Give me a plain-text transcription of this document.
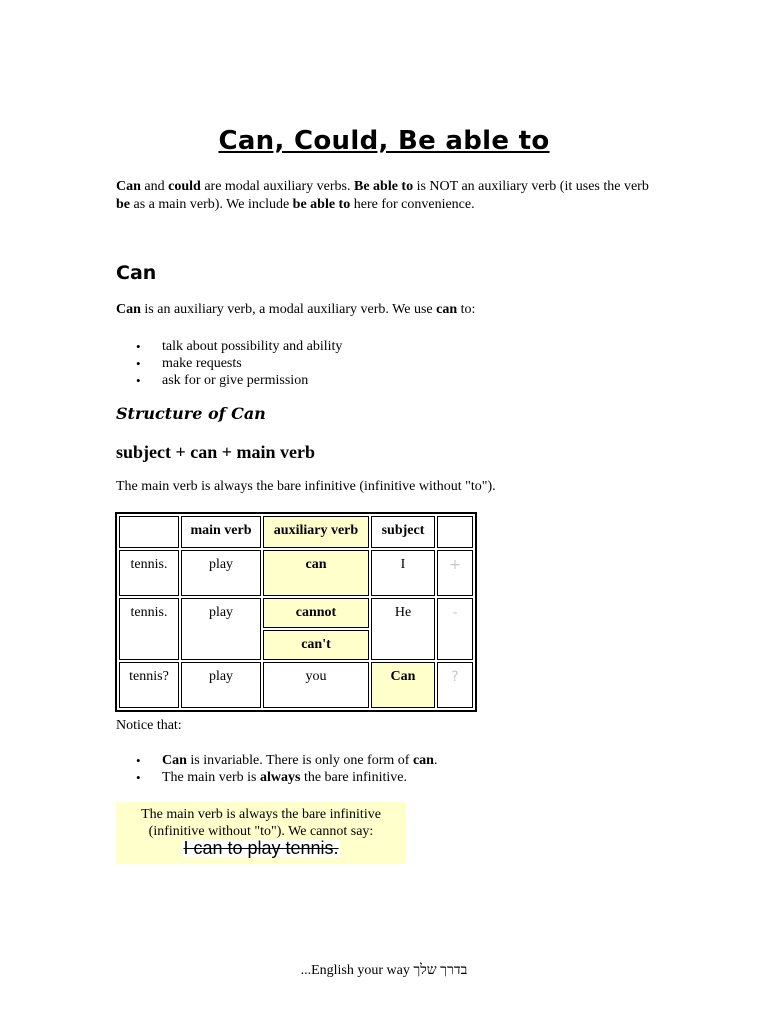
Can, Could, Be able to
Can and could are modal auxiliary verbs. Be able to is NOT an auxiliary verb (it uses the verb be as a main verb). We include be able to here for convenience.
Can
Can is an auxiliary verb, a modal auxiliary verb. We use can to:
• talk about possibility and ability
• make requests
• ask for or give permission
Structure of Can
subject + can + main verb
The main verb is always the bare infinitive (infinitive without "to").
	main verb	auxiliary verb	subject	
tennis.	play	can	I	+
tennis.	play	cannot	He	-
		can't		
tennis?	play	you	Can	?
Notice that:
• Can is invariable. There is only one form of can.
• The main verb is always the bare infinitive.
The main verb is always the bare infinitive
(infinitive without "to"). We cannot say:
I can to play tennis.
...English your way בדרך שלך
